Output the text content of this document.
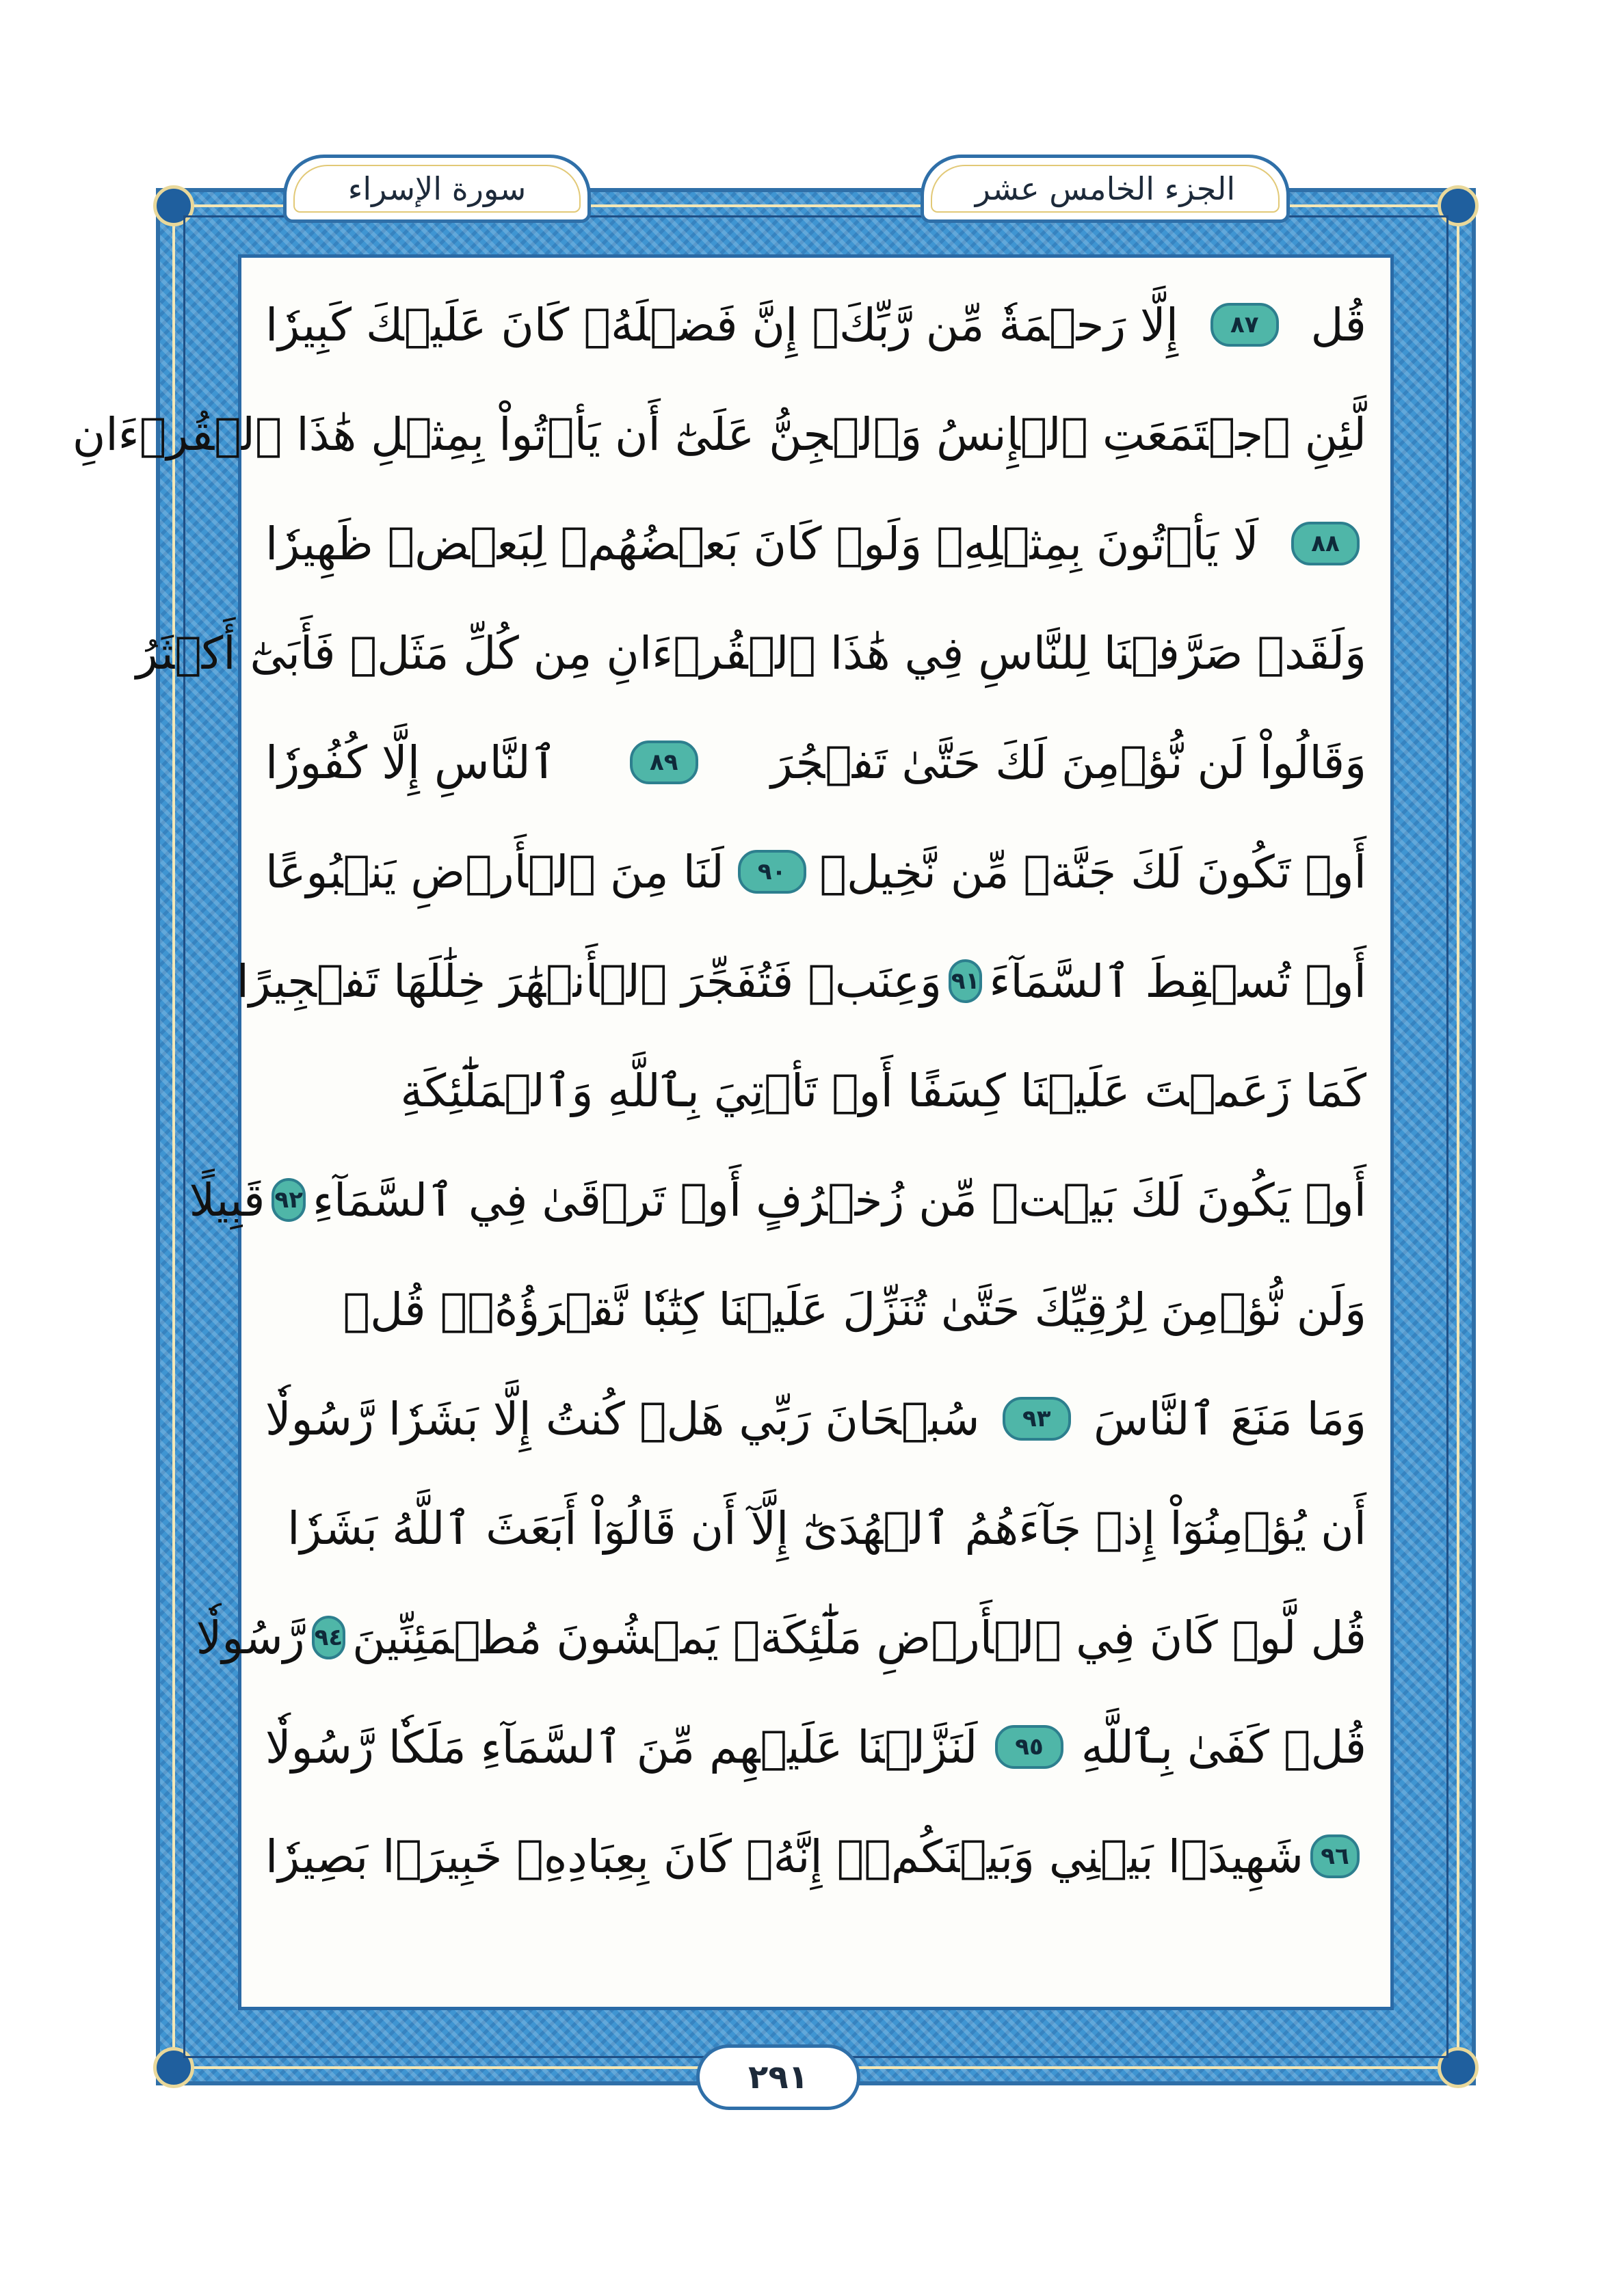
الجزء الخامس عشر
سورة الإسراء
قُل
٨٧
إِلَّا رَحۡمَةٗ مِّن رَّبِّكَۚ إِنَّ فَضۡلَهُۥ كَانَ عَلَيۡكَ كَبِيرٗا
لَّئِنِ ٱجۡتَمَعَتِ ٱلۡإِنسُ وَٱلۡجِنُّ عَلَىٰٓ أَن يَأۡتُواْ بِمِثۡلِ هَٰذَا ٱلۡقُرۡءَانِ
٨٨
لَا يَأۡتُونَ بِمِثۡلِهِۦ وَلَوۡ كَانَ بَعۡضُهُمۡ لِبَعۡضٖ ظَهِيرٗا
وَلَقَدۡ صَرَّفۡنَا لِلنَّاسِ فِي هَٰذَا ٱلۡقُرۡءَانِ مِن كُلِّ مَثَلٖ فَأَبَىٰٓ أَكۡثَرُ
وَقَالُواْ لَن نُّؤۡمِنَ لَكَ حَتَّىٰ تَفۡجُرَ
٨٩
ٱلنَّاسِ إِلَّا كُفُورٗا
أَوۡ تَكُونَ لَكَ جَنَّةٞ مِّن نَّخِيلٖ
٩٠
لَنَا مِنَ ٱلۡأَرۡضِ يَنۢبُوعًا
أَوۡ تُسۡقِطَ ٱلسَّمَآءَ
٩١
وَعِنَبٖ فَتُفَجِّرَ ٱلۡأَنۡهَٰرَ خِلَٰلَهَا تَفۡجِيرًا
كَمَا زَعَمۡتَ عَلَيۡنَا كِسَفًا أَوۡ تَأۡتِيَ بِٱللَّهِ وَٱلۡمَلَٰٓئِكَةِ
أَوۡ يَكُونَ لَكَ بَيۡتٞ مِّن زُخۡرُفٍ أَوۡ تَرۡقَىٰ فِي ٱلسَّمَآءِ
٩٢
قَبِيلًا
وَلَن نُّؤۡمِنَ لِرُقِيِّكَ حَتَّىٰ تُنَزِّلَ عَلَيۡنَا كِتَٰبٗا نَّقۡرَؤُهُۥۗ قُلۡ
وَمَا مَنَعَ ٱلنَّاسَ
٩٣
سُبۡحَانَ رَبِّي هَلۡ كُنتُ إِلَّا بَشَرٗا رَّسُولٗا
أَن يُؤۡمِنُوٓاْ إِذۡ جَآءَهُمُ ٱلۡهُدَىٰٓ إِلَّآ أَن قَالُوٓاْ أَبَعَثَ ٱللَّهُ بَشَرٗا
قُل لَّوۡ كَانَ فِي ٱلۡأَرۡضِ مَلَٰٓئِكَةٞ يَمۡشُونَ مُطۡمَئِنِّينَ
٩٤
رَّسُولٗا
قُلۡ كَفَىٰ بِٱللَّهِ
٩٥
لَنَزَّلۡنَا عَلَيۡهِم مِّنَ ٱلسَّمَآءِ مَلَكٗا رَّسُولٗا
٩٦
شَهِيدَۢا بَيۡنِي وَبَيۡنَكُمۡۚ إِنَّهُۥ كَانَ بِعِبَادِهِۦ خَبِيرَۢا بَصِيرٗا
٢٩١
